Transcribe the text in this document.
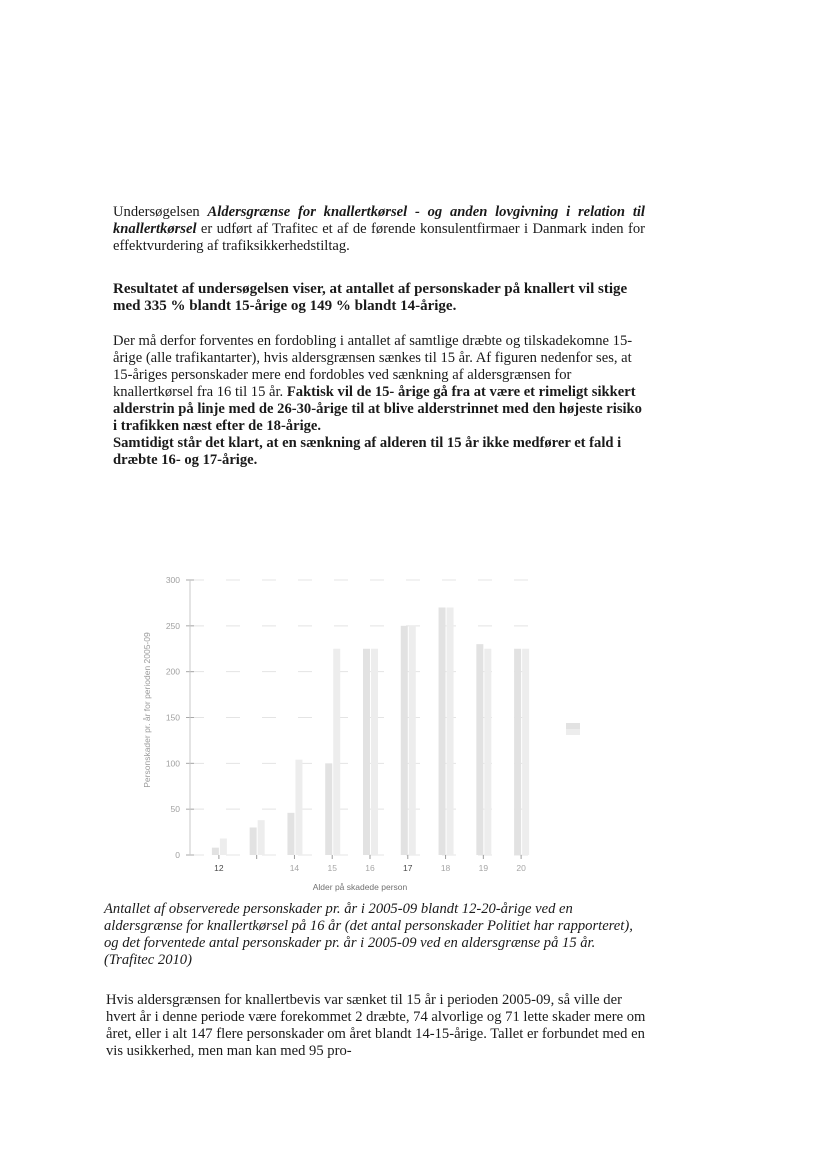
Undersøgelsen Aldersgrænse for knallertkørsel - og anden lovgivning i relation til knallertkørsel er udført af Trafitec et af de førende konsulentfirmaer i Danmark inden for effektvurdering af trafiksikkerhedstiltag.

Resultatet af undersøgelsen viser, at antallet af personskader på knallert vil stige med 335 % blandt 15-årige og 149 % blandt 14-årige.

Der må derfor forventes en fordobling i antallet af samtlige dræbte og tilskadekomne 15-årige (alle trafikantarter), hvis aldersgrænsen sænkes til 15 år. Af figuren nedenfor ses, at 15-åriges personskader mere end fordobles ved sænkning af aldersgrænsen for knallertkørsel fra 16 til 15 år. Faktisk vil de 15- årige gå fra at være et rimeligt sikkert alderstrin på linje med de 26-30-årige til at blive alderstrinnet med den højeste risiko i trafikken næst efter de 18-årige.
Samtidigt står det klart, at en sænkning af alderen til 15 år ikke medfører et fald i dræbte 16- og 17-årige.

0
50
100
150
200
250
300
12	14	15	16	17	18	19	20
Personskader pr. år for perioden 2005-09
Alder på skadede person

Antallet af observerede personskader pr. år i 2005-09 blandt 12-20-årige ved en aldersgrænse for knallertkørsel på 16 år (det antal personskader Politiet har rapporteret), og det forventede antal personskader pr. år i 2005-09 ved en aldersgrænse på 15 år. (Trafitec 2010)

Hvis aldersgrænsen for knallertbevis var sænket til 15 år i perioden 2005-09, så ville der hvert år i denne periode være forekommet 2 dræbte, 74 alvorlige og 71 lette skader mere om året, eller i alt 147 flere personskader om året blandt 14-15-årige. Tallet er forbundet med en vis usikkerhed, men man kan med 95 pro-
